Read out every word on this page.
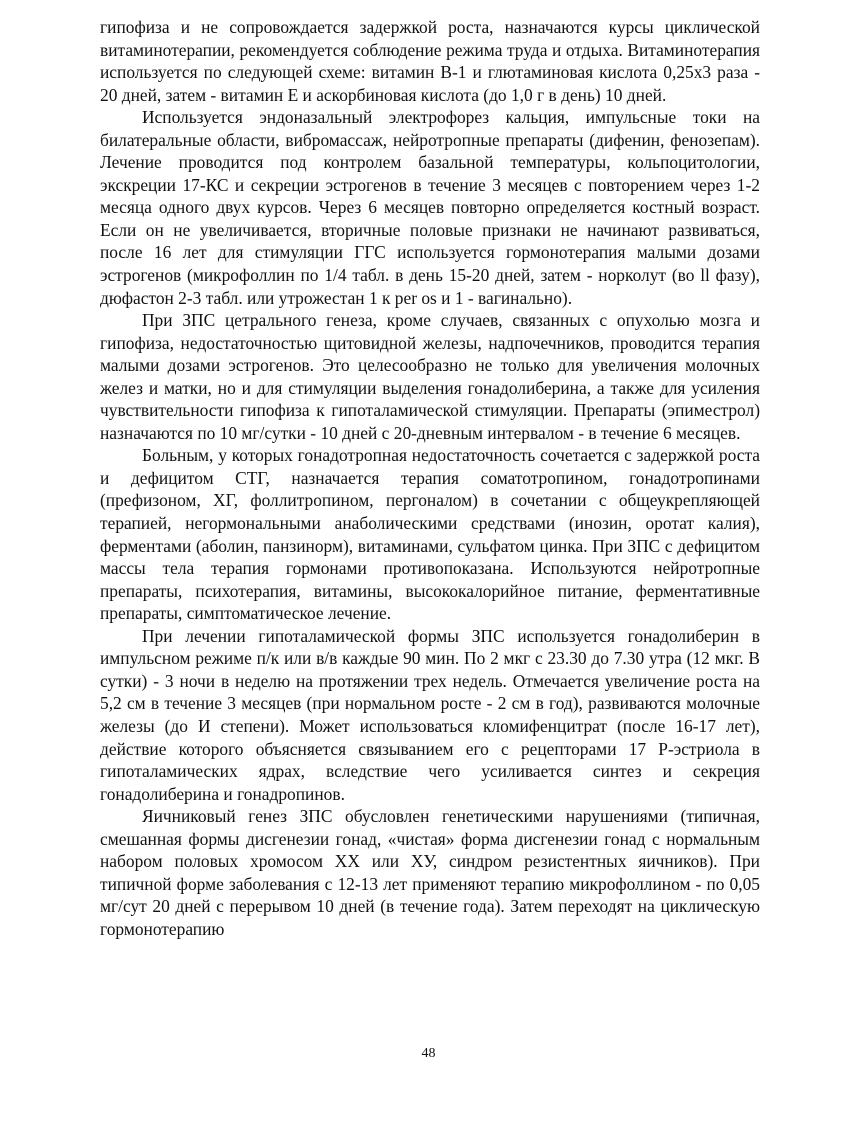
гипофиза и не сопровождается задержкой роста, назначаются курсы циклической витаминотерапии, рекомендуется соблюдение режима труда и отдыха. Витаминотерапия используется по следующей схеме: витамин В-1 и глютаминовая кислота 0,25х3 раза - 20 дней, затем - витамин Е и аскорбиновая кислота (до 1,0 г в день) 10 дней.

Используется эндоназальный электрофорез кальция, импульсные токи на билатеральные области, вибромассаж, нейротропные препараты (дифенин, фенозепам). Лечение проводится под контролем базальной температуры, кольпоцитологии, экскреции 17-КС и секреции эстрогенов в течение 3 месяцев с повторением через 1-2 месяца одного двух курсов. Через 6 месяцев повторно определяется костный возраст. Если он не увеличивается, вторичные половые признаки не начинают развиваться, после 16 лет для стимуляции ГГС используется гормонотерапия малыми дозами эстрогенов (микрофоллин по 1/4 табл. в день 15-20 дней, затем - норколут (во ll фазу), дюфастон 2-3 табл. или утрожестан 1 к per os и 1 - вагинально).

При ЗПС цетрального генеза, кроме случаев, связанных с опухолью мозга и гипофиза, недостаточностью щитовидной железы, надпочечников, проводится терапия малыми дозами эстрогенов. Это целесообразно не только для увеличения молочных желез и матки, но и для стимуляции выделения гонадолиберина, а также для усиления чувствительности гипофиза к гипоталамической стимуляции. Препараты (эпиместрол) назначаются по 10 мг/сутки - 10 дней с 20-дневным интервалом - в течение 6 месяцев.

Больным, у которых гонадотропная недостаточность сочетается с задержкой роста и дефицитом СТГ, назначается терапия соматотропином, гонадотропинами (префизоном, ХГ, фоллитропином, пергоналом) в сочетании с общеукрепляющей терапией, негормональными анаболическими средствами (инозин, оротат калия), ферментами (аболин, панзинорм), витаминами, сульфатом цинка. При ЗПС с дефицитом массы тела терапия гормонами противопоказана. Используются нейротропные препараты, психотерапия, витамины, высококалорийное питание, ферментативные препараты, симптоматическое лечение.

При лечении гипоталамической формы ЗПС используется гонадолиберин в импульсном режиме п/к или в/в каждые 90 мин. По 2 мкг с 23.30 до 7.30 утра (12 мкг. В сутки) - 3 ночи в неделю на протяжении трех недель. Отмечается увеличение роста на 5,2 см в течение 3 месяцев (при нормальном росте - 2 см в год), развиваются молочные железы (до И степени). Может использоваться кломифенцитрат (после 16-17 лет), действие которого объясняется связыванием его с рецепторами 17 Р-эстриола в гипоталамических ядрах, вследствие чего усиливается синтез и секреция гонадолиберина и гонадропинов.

Яичниковый генез ЗПС обусловлен генетическими нарушениями (типичная, смешанная формы дисгенезии гонад, «чистая» форма дисгенезии гонад с нормальным набором половых хромосом ХХ или ХУ, синдром резистентных яичников). При типичной форме заболевания с 12-13 лет применяют терапию микрофоллином - по 0,05 мг/сут 20 дней с перерывом 10 дней (в течение года). Затем переходят на циклическую гормонотерапию

48
